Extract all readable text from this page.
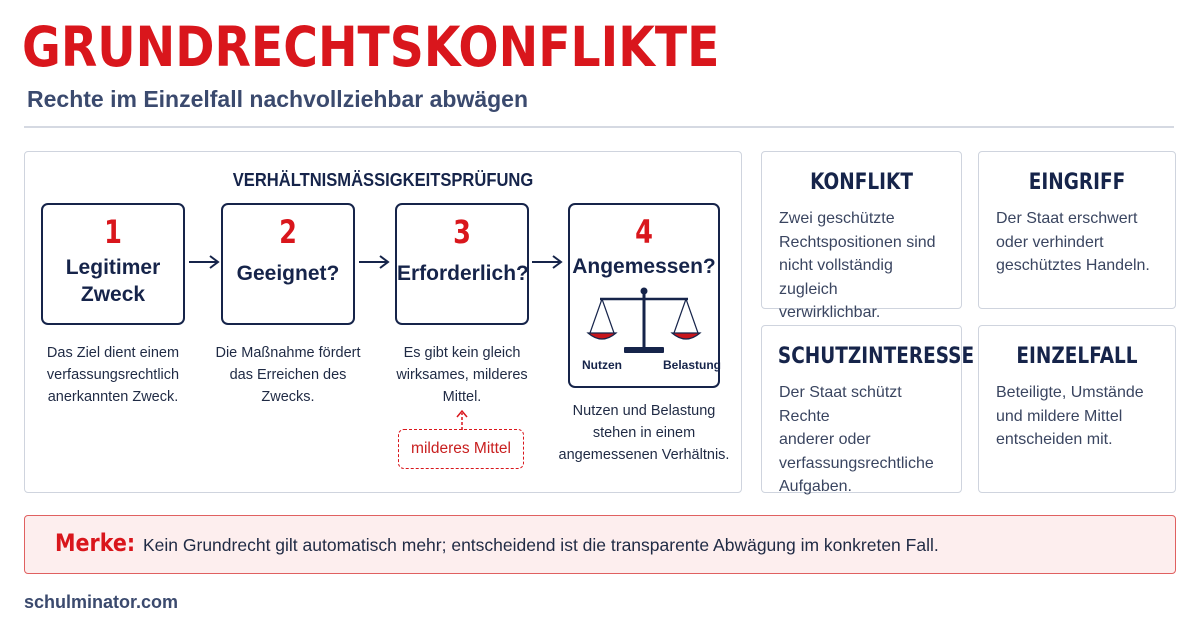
GRUNDRECHTSKONFLIKTE
Rechte im Einzelfall nachvollziehbar abwägen
VERHÄLTNISMÄSSIGKEITSPRÜFUNG
1
Legitimer
Zweck
2
Geeignet?
3
Erforderlich?
4
Angemessen?
Nutzen	Belastung
Das Ziel dient einem
verfassungsrechtlich
anerkannten Zweck.
Die Maßnahme fördert
das Erreichen des
Zwecks.
Es gibt kein gleich
wirksames, milderes
Mittel.
Nutzen und Belastung
stehen in einem
angemessenen Verhältnis.
milderes Mittel
KONFLIKT
Zwei geschützte
Rechtspositionen sind
nicht vollständig zugleich
verwirklichbar.
EINGRIFF
Der Staat erschwert
oder verhindert
geschütztes Handeln.
SCHUTZINTERESSE
Der Staat schützt Rechte
anderer oder
verfassungsrechtliche
Aufgaben.
EINZELFALL
Beteiligte, Umstände
und mildere Mittel
entscheiden mit.
Merke: Kein Grundrecht gilt automatisch mehr; entscheidend ist die transparente Abwägung im konkreten Fall.
schulminator.com
